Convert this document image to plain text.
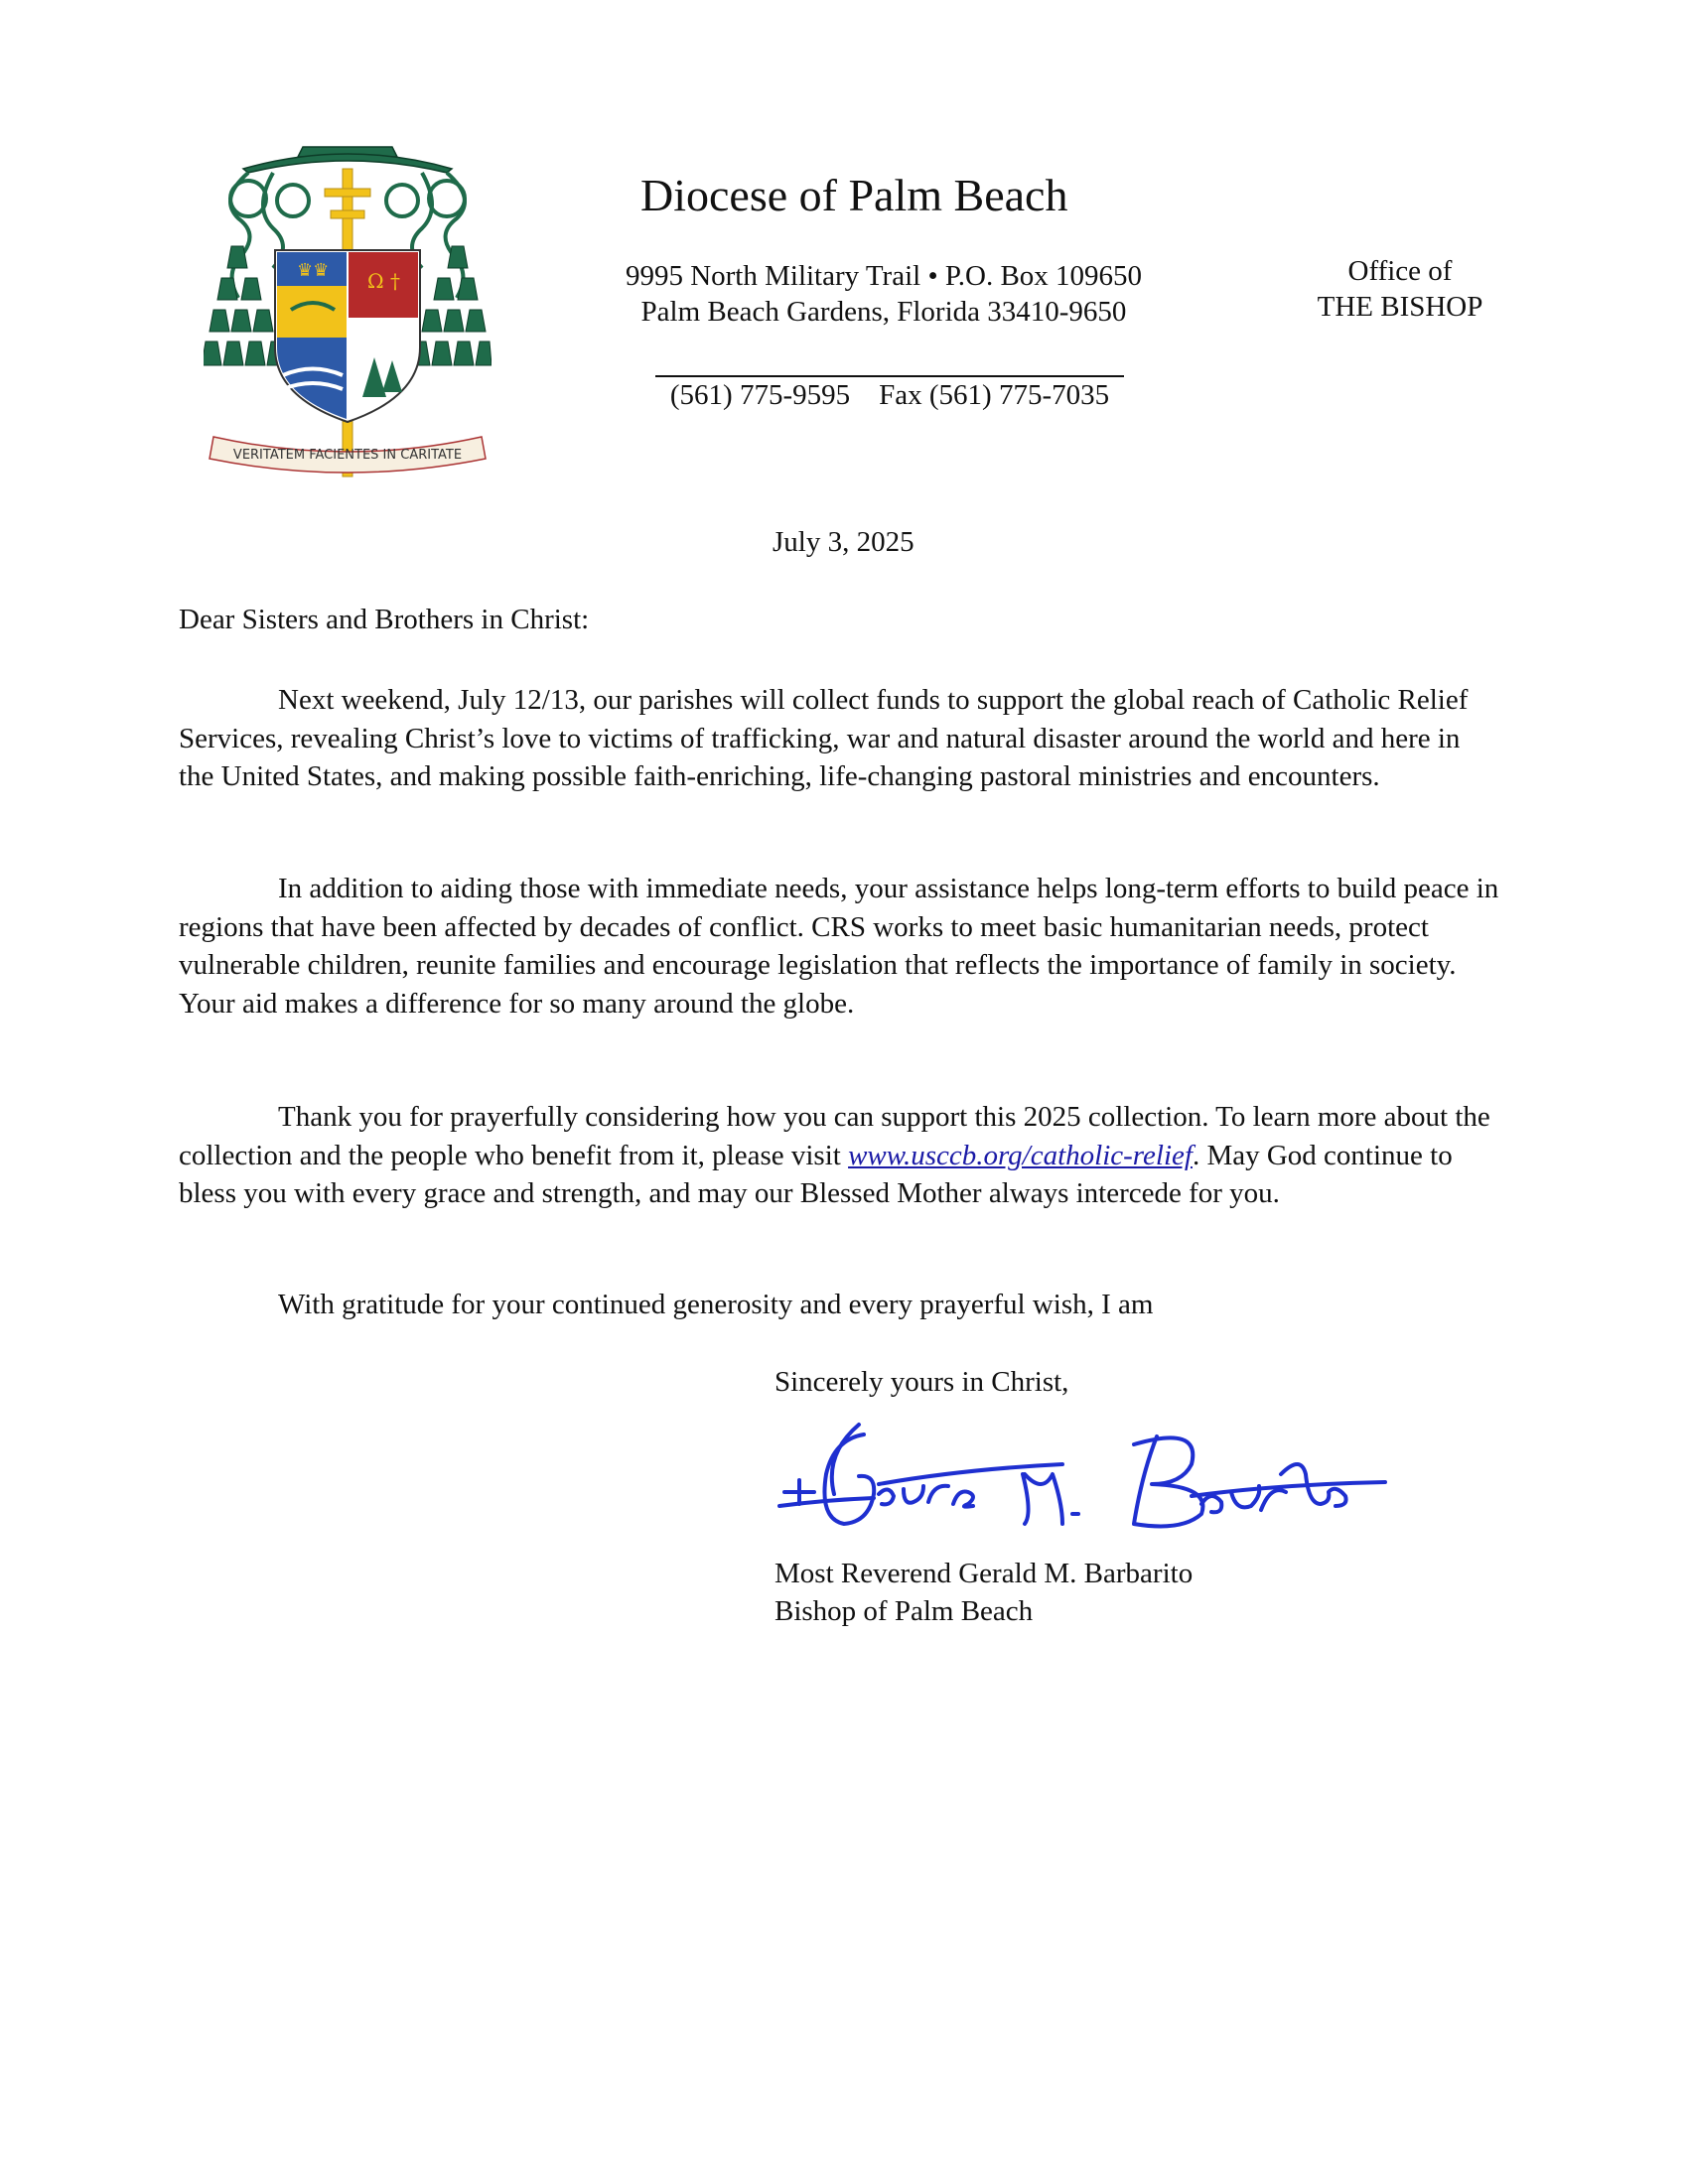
♛♛ Ω †
VERITATEM FACIENTES IN CARITATE
Diocese of Palm Beach
9995 North Military Trail • P.O. Box 109650
Palm Beach Gardens, Florida 33410-9650
Office of
THE BISHOP
(561) 775-9595 Fax (561) 775-7035
July 3, 2025
Dear Sisters and Brothers in Christ:

Next weekend, July 12/13, our parishes will collect funds to support the global reach of Catholic Relief Services, revealing Christ’s love to victims of trafficking, war and natural disaster around the world and here in the United States, and making possible faith-enriching, life-changing pastoral ministries and encounters.

In addition to aiding those with immediate needs, your assistance helps long-term efforts to build peace in regions that have been affected by decades of conflict. CRS works to meet basic humanitarian needs, protect vulnerable children, reunite families and encourage legislation that reflects the importance of family in society. Your aid makes a difference for so many around the globe.

Thank you for prayerfully considering how you can support this 2025 collection. To learn more about the collection and the people who benefit from it, please visit www.usccb.org/catholic-relief. May God continue to bless you with every grace and strength, and may our Blessed Mother always intercede for you.

With gratitude for your continued generosity and every prayerful wish, I am
Sincerely yours in Christ,
Most Reverend Gerald M. Barbarito
Bishop of Palm Beach
